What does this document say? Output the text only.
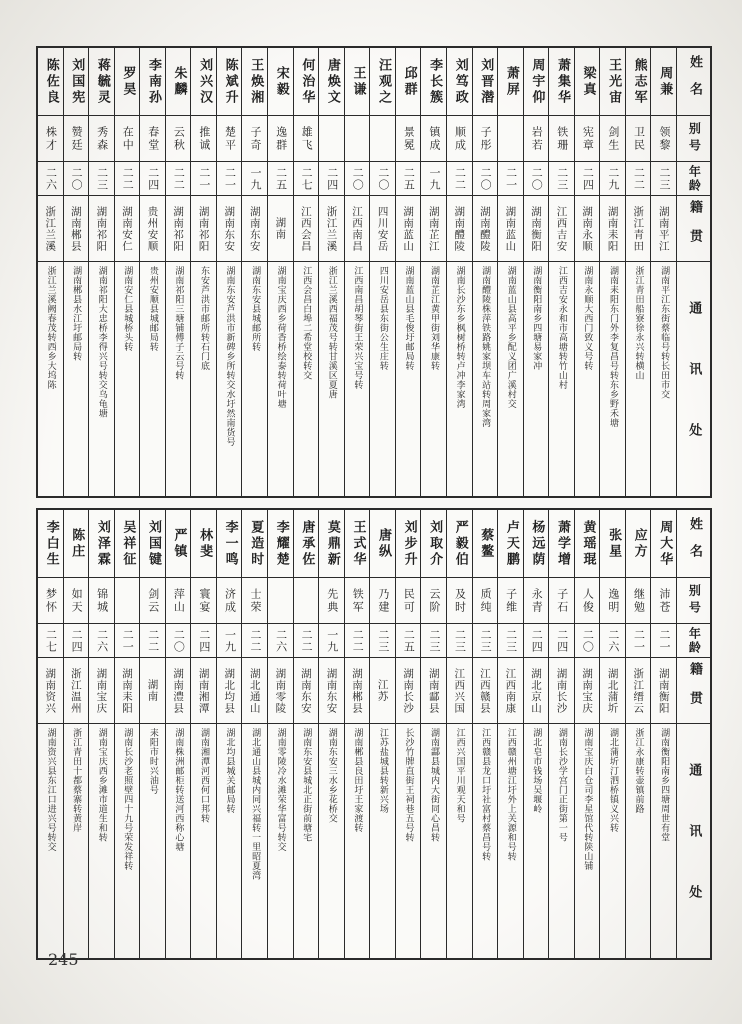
姓名
别号
年龄
籍贯
通讯处
周兼
领黎
二三
湖南平江
湖南平江东街蔡临号转长田市交
熊志军
卫民
二二
浙江青田
浙江青田船寮徐永兴转横山
王光宙
剑生
二九
湖南耒阳
湖南耒阳东门外李复昌号转东乡野禾塘
梁真
宪章
二四
湖南永顺
湖南永顺大西门致义号转
萧集华
铁珊
二三
江西吉安
江西吉安永和市高塘转竹山村
周宇仰
岩若
二〇
湖南衡阳
湖南衡阳南乡四塘易家冲
萧屏
二一
湖南蓝山
湖南蓝山县高平乡配义团广溪村交
刘晋潜
子彤
二〇
湖南醴陵
湖南醴陵株萍铁路姚家坝车站转周家湾
刘笃政
顺成
二二
湖南醴陵
湖南长沙东乡枫树桥转卢冲李家湾
李长簇
镇成
一九
湖南芷江
湖南芷江黄甲街刘华康转
邱群
景冕
二五
湖南蓝山
湖南蓝山县毛俊圩邮局转
汪观之
二〇
四川安岳
四川安岳县东街公生庄转
王谦
二〇
江西南昌
江西南昌胡琴街王荣兴宝号转
唐焕文
二四
浙江兰溪
浙江兰溪西福茂号转甘溪区夏唐
何治华
雄飞
二七
江西会昌
江西会昌白埠二希堂校转交
宋毅
逸群
二五
湖南
湖南宝庆西乡荷香桥绘泰转荷叶塘
王焕湘
子奇
一九
湖南东安
湖南东安县城邮所转
陈斌升
楚平
二一
湖南东安
湖南东安芦洪市新碑乡所转交水圩然南货号
刘兴汉
推诚
二一
湖南祁阳
东安芦洪市邮所转石门底
朱麟
云秋
二二
湖南祁阳
湖南祁阳三塘铺傅子云号转
李南孙
春堂
二四
贵州安顺
贵州安顺县城邮局转
罗昊
在中
二二
湖南安仁
湖南安仁县城桥头转
蒋毓灵
秀森
二三
湖南祁阳
湖南祁阳大忠桥李得兴号转交乌龟塘
刘国宪
赞廷
二〇
湖南郴县
湖南郴县水江圩邮局转
陈佐良
株才
二六
浙江兰溪
浙江兰溪阙春茂转西乡大坞陈
姓名
别号
年龄
籍贯
通讯处
周大华
沛苍
二一
湖南衡阳
湖南衡阳南乡四塘周世有堂
应方
继勉
二一
浙江缙云
浙江永康转壶镇前路
张星
逸明
二六
湖北蒲圻
湖北蒲圻汀泗桥镇义兴转
黄瑶琨
人俊
二〇
湖南宝庆
湖南宝庆白仓司李星馆代转陕山铺
萧学增
子石
二四
湖南长沙
湖南长沙学宫门正街第一号
杨远荫
永青
二四
湖北京山
湖北皂市钱场吴堰岭
卢天鹏
子维
二三
江西南康
江西赣州塘江圩外上关源和号转
蔡鳌
质纯
二三
江西赣县
江西赣县龙口圩社富村蔡昌号转
严毅伯
及时
二三
江西兴国
江西兴国平川观天和号
刘取介
云阶
二三
湖南酃县
湖南酃县城内大街同心昌转
刘步升
民可
二五
湖南长沙
长沙竹牌直街王祠巷五号转
唐纵
乃建
二三
江苏
江苏盐城县转新兴场
王式华
铁军
二二
湖南郴县
湖南郴县良田圩王家渡转
莫鼎新
先典
一九
湖南东安
湖南东安三水乡花桥交
唐承佐
二二
湖南东安
湖南东安县城北正街前塘宅
李耀楚
二六
湖南零陵
湖南零陵冷水滩荣华富号转交
夏造时
士荣
二二
湖北通山
湖北通山县城内同兴福转一里昭夏湾
李一鸣
济成
一九
湖北均县
湖北均县城关邮局转
林斐
寰宴
二四
湖南湘潭
湖南湘潭河西何口邦转
严镇
萍山
二〇
湖南澧县
湖南株洲邮柜转送河西称心塘
刘国键
剑云
二二
湖南
耒阳市时兴油号
吴祥征
二一
湖南耒阳
湖南长沙老照壁四十九号荣发祥转
刘泽霖
锦城
二六
湖南宝庆
湖南宝庆西乡滩市道生和转
陈庄
如天
二四
浙江温州
浙江青田十都蔡寨转黄岸
李白生
梦怀
二七
湖南资兴
湖南资兴县东江口进兴号转交
245
